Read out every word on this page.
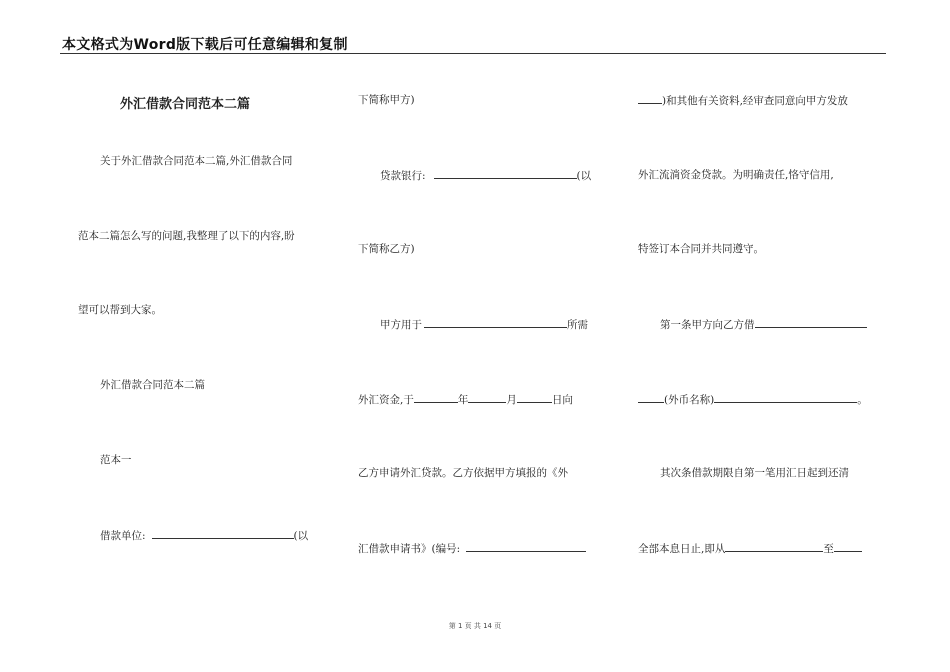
本文格式为Word版下载后可任意编辑和复制
外汇借款合同范本二篇
关于外汇借款合同范本二篇,外汇借款合同
范本二篇怎么写的问题,我整理了以下的内容,盼
望可以帮到大家。
外汇借款合同范本二篇
范本一
借款单位:	(以
下简称甲方)
贷款银行:	(以
下简称乙方)
甲方用于	所需
外汇资金,于	年	月	日向
乙方申请外汇贷款。乙方依据甲方填报的《外
汇借款申请书》(编号:
)和其他有关资料,经审查同意向甲方发放
外汇流淌资金贷款。为明确责任,恪守信用,
特签订本合同并共同遵守。
第一条甲方向乙方借
(外币名称)	。
其次条借款期限自第一笔用汇日起到还清
全部本息日止,即从	至
第 1 页 共 14 页
